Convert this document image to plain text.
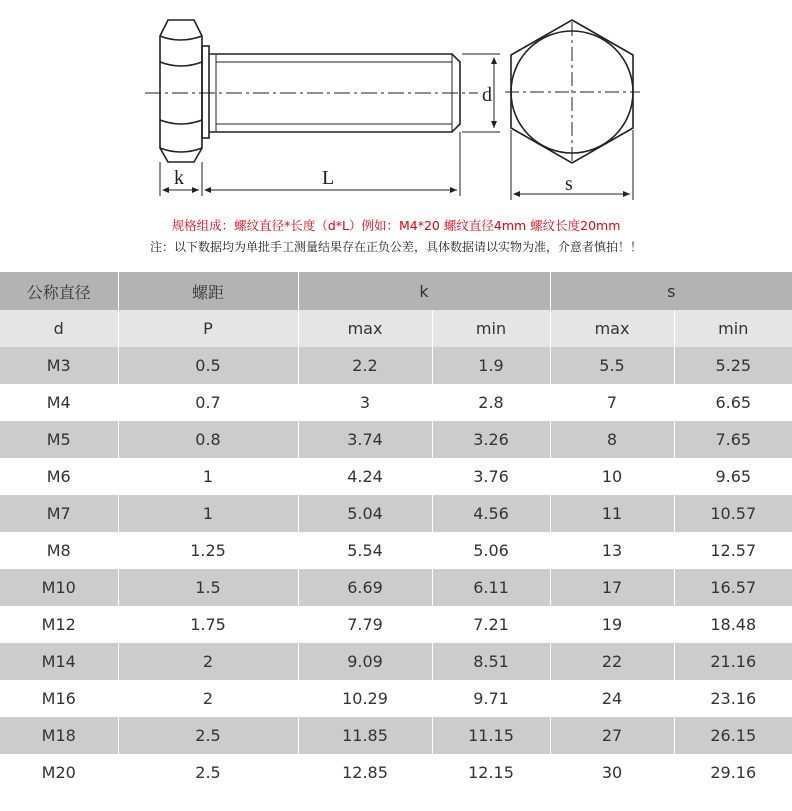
d
k	L	s
规格组成：螺纹直径*长度（d*L）例如：M4*20 螺纹直径4mm 螺纹长度20mm
注：以下数据均为单批手工测量结果存在正负公差，具体数据请以实物为准，介意者慎拍！！
公称直径	螺距	k		s	
d	P	max	min	max	min
M3	0.5	2.2	1.9	5.5	5.25
M4	0.7	3	2.8	7	6.65
M5	0.8	3.74	3.26	8	7.65
M6	1	4.24	3.76	10	9.65
M7	1	5.04	4.56	11	10.57
M8	1.25	5.54	5.06	13	12.57
M10	1.5	6.69	6.11	17	16.57
M12	1.75	7.79	7.21	19	18.48
M14	2	9.09	8.51	22	21.16
M16	2	10.29	9.71	24	23.16
M18	2.5	11.85	11.15	27	26.15
M20	2.5	12.85	12.15	30	29.16
